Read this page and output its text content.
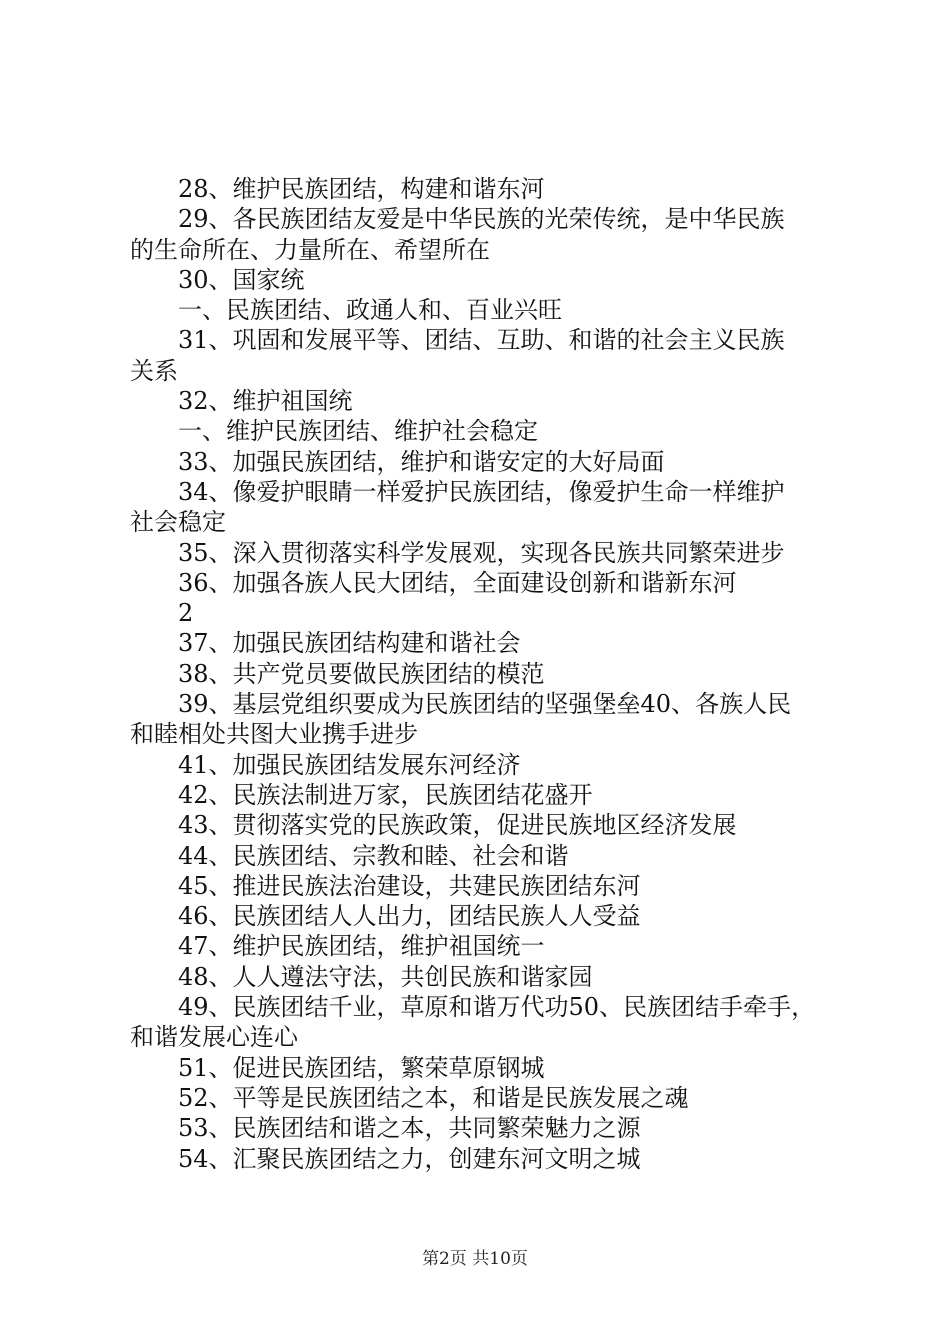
28、维护民族团结，构建和谐东河
29、各民族团结友爱是中华民族的光荣传统，是中华民族
的生命所在、力量所在、希望所在
30、国家统
一、民族团结、政通人和、百业兴旺
31、巩固和发展平等、团结、互助、和谐的社会主义民族
关系
32、维护祖国统
一、维护民族团结、维护社会稳定
33、加强民族团结，维护和谐安定的大好局面
34、像爱护眼睛一样爱护民族团结，像爱护生命一样维护
社会稳定
35、深入贯彻落实科学发展观，实现各民族共同繁荣进步
36、加强各族人民大团结，全面建设创新和谐新东河
2
37、加强民族团结构建和谐社会
38、共产党员要做民族团结的模范
39、基层党组织要成为民族团结的坚强堡垒40、各族人民
和睦相处共图大业携手进步
41、加强民族团结发展东河经济
42、民族法制进万家，民族团结花盛开
43、贯彻落实党的民族政策，促进民族地区经济发展
44、民族团结、宗教和睦、社会和谐
45、推进民族法治建设，共建民族团结东河
46、民族团结人人出力，团结民族人人受益
47、维护民族团结，维护祖国统一
48、人人遵法守法，共创民族和谐家园
49、民族团结千业，草原和谐万代功50、民族团结手牵手，
和谐发展心连心
51、促进民族团结，繁荣草原钢城
52、平等是民族团结之本，和谐是民族发展之魂
53、民族团结和谐之本，共同繁荣魅力之源
54、汇聚民族团结之力，创建东河文明之城
第2页 共10页
